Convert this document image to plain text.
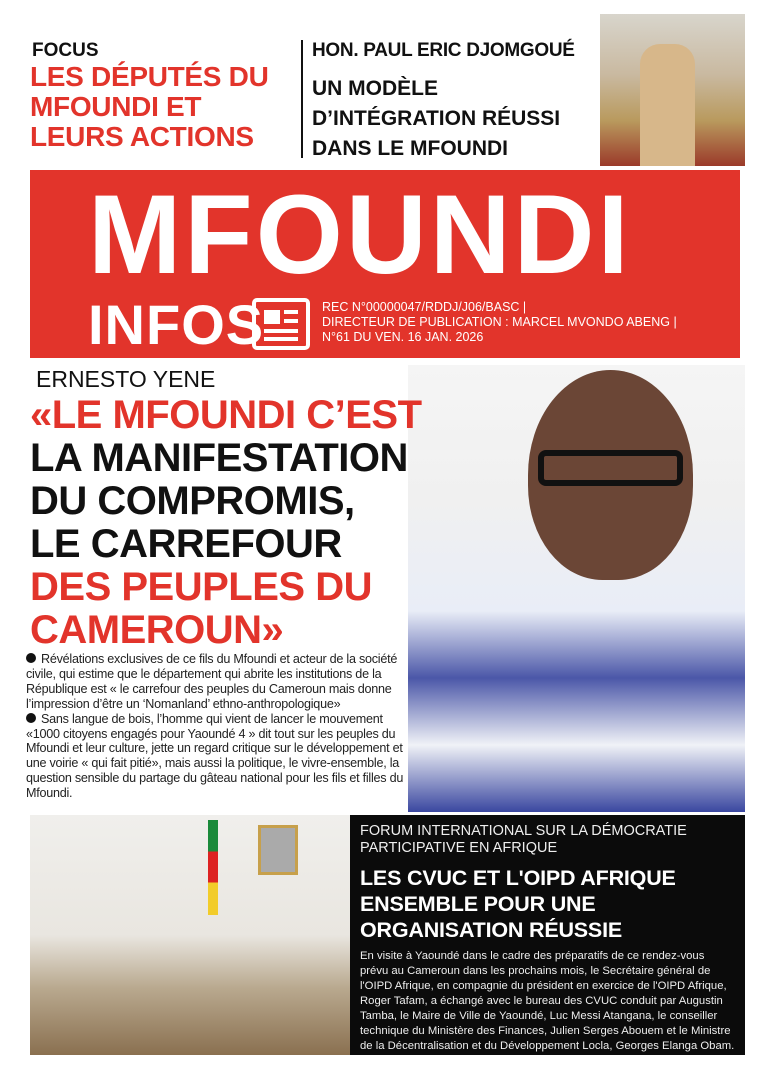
FOCUS
LES DÉPUTÉS DU
MFOUNDI ET
LEURS ACTIONS
HON. PAUL ERIC DJOMGOUÉ
UN MODÈLE
D’INTÉGRATION RÉUSSI
DANS LE MFOUNDI
MFOUNDI
INFOS	REC N°00000047/RDDJ/J06/BASC |
DIRECTEUR DE PUBLICATION : MARCEL MVONDO ABENG |
N°61 DU VEN. 16 JAN. 2026
ERNESTO YENE
«LE MFOUNDI C’EST
LA MANIFESTATION
DU COMPROMIS,
LE CARREFOUR
DES PEUPLES DU
CAMEROUN»

Révélations exclusives de ce fils du Mfoundi et acteur de la société civile, qui estime que le département qui abrite les institutions de la République est « le carrefour des peuples du Cameroun mais donne l’impression d’être un ‘Nomanland’ ethno-anthropologique»

Sans langue de bois, l’homme qui vient de lancer le mouvement «1000 citoyens engagés pour Yaoundé 4 » dit tout sur les peuples du Mfoundi et leur culture, jette un regard critique sur le développement et une voirie « qui fait pitié», mais aussi la politique, le vivre-ensemble, la question sensible du partage du gâteau national pour les fils et filles du Mfoundi.

FORUM INTERNATIONAL SUR LA DÉMOCRATIE PARTICIPATIVE EN AFRIQUE
LES CVUC ET L'OIPD AFRIQUE ENSEMBLE POUR UNE ORGANISATION RÉUSSIE
En visite à Yaoundé dans le cadre des préparatifs de ce rendez-vous prévu au Cameroun dans les prochains mois, le Secrétaire général de l'OIPD Afrique, en compagnie du président en exercice de l'OIPD Afrique, Roger Tafam, a échangé avec le bureau des CVUC conduit par Augustin Tamba, le Maire de Ville de Yaoundé, Luc Messi Atangana, le conseiller technique du Ministère des Finances, Julien Serges Abouem et le Ministre de la Décentralisation et du Développement Locla, Georges Elanga Obam.
